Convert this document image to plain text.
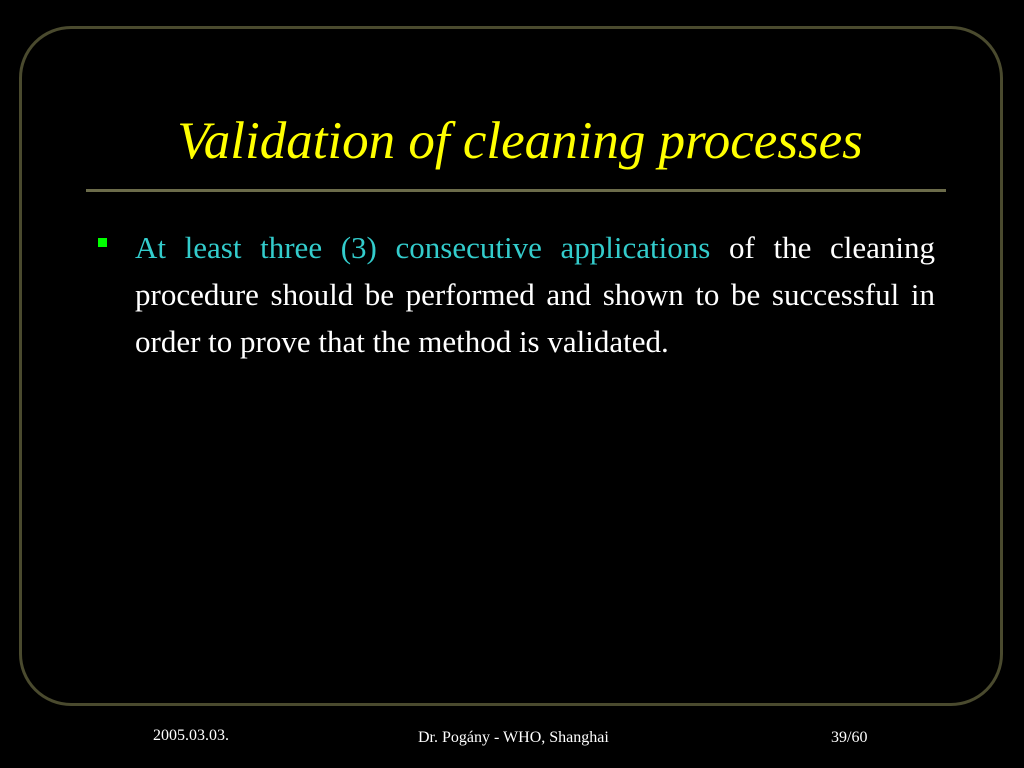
Validation of cleaning processes
At least three (3) consecutive applications of the cleaning procedure should be performed and shown to be successful in order to prove that the method is validated.
2005.03.03.	Dr. Pogány - WHO, Shanghai	39/60
